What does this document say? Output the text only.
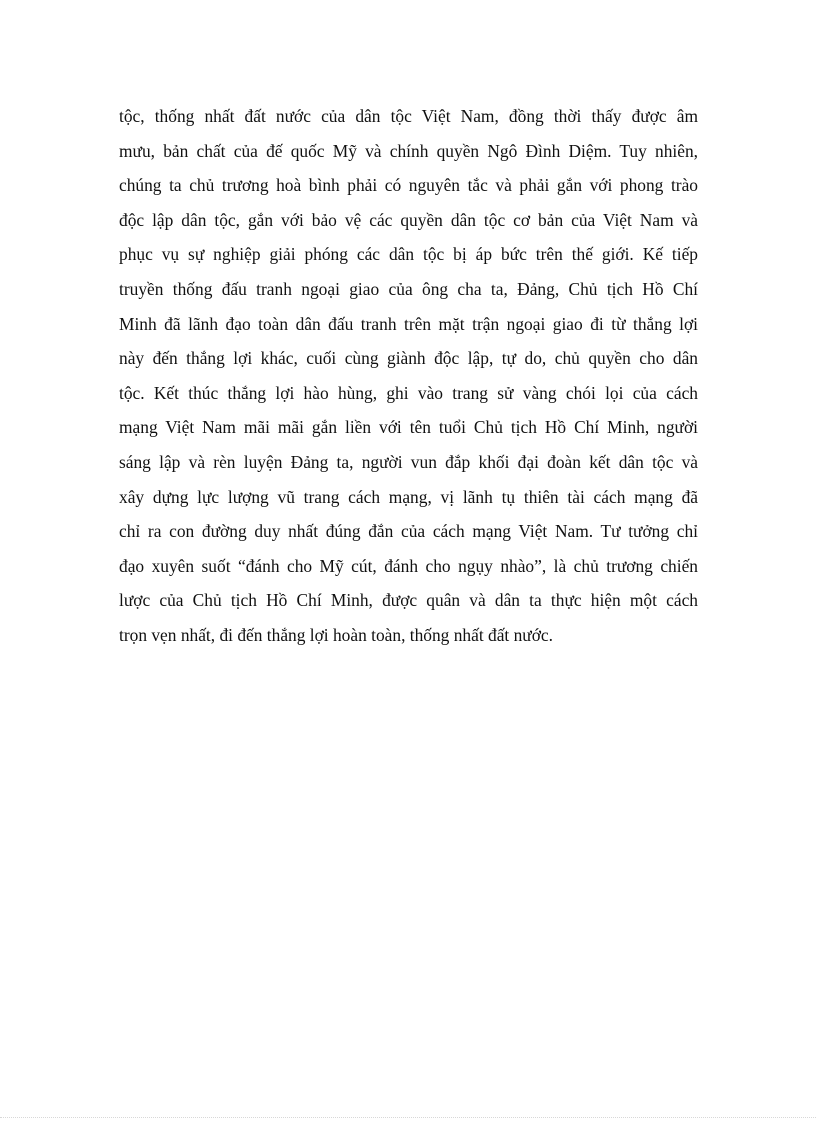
tộc, thống nhất đất nước của dân tộc Việt Nam, đồng thời thấy được âm
mưu, bản chất của đế quốc Mỹ và chính quyền Ngô Đình Diệm. Tuy nhiên,
chúng ta chủ trương hoà bình phải có nguyên tắc và phải gắn với phong trào
độc lập dân tộc, gắn với bảo vệ các quyền dân tộc cơ bản của Việt Nam và
phục vụ sự nghiệp giải phóng các dân tộc bị áp bức trên thế giới. Kế tiếp
truyền thống đấu tranh ngoại giao của ông cha ta, Đảng, Chủ tịch Hồ Chí
Minh đã lãnh đạo toàn dân đấu tranh trên mặt trận ngoại giao đi từ thắng lợi
này đến thắng lợi khác, cuối cùng giành độc lập, tự do, chủ quyền cho dân
tộc. Kết thúc thắng lợi hào hùng, ghi vào trang sử vàng chói lọi của cách
mạng Việt Nam mãi mãi gắn liền với tên tuổi Chủ tịch Hồ Chí Minh, người
sáng lập và rèn luyện Đảng ta, người vun đắp khối đại đoàn kết dân tộc và
xây dựng lực lượng vũ trang cách mạng, vị lãnh tụ thiên tài cách mạng đã
chỉ ra con đường duy nhất đúng đắn của cách mạng Việt Nam. Tư tưởng chỉ
đạo xuyên suốt “đánh cho Mỹ cút, đánh cho ngụy nhào”, là chủ trương chiến
lược của Chủ tịch Hồ Chí Minh, được quân và dân ta thực hiện một cách
trọn vẹn nhất, đi đến thắng lợi hoàn toàn, thống nhất đất nước.
